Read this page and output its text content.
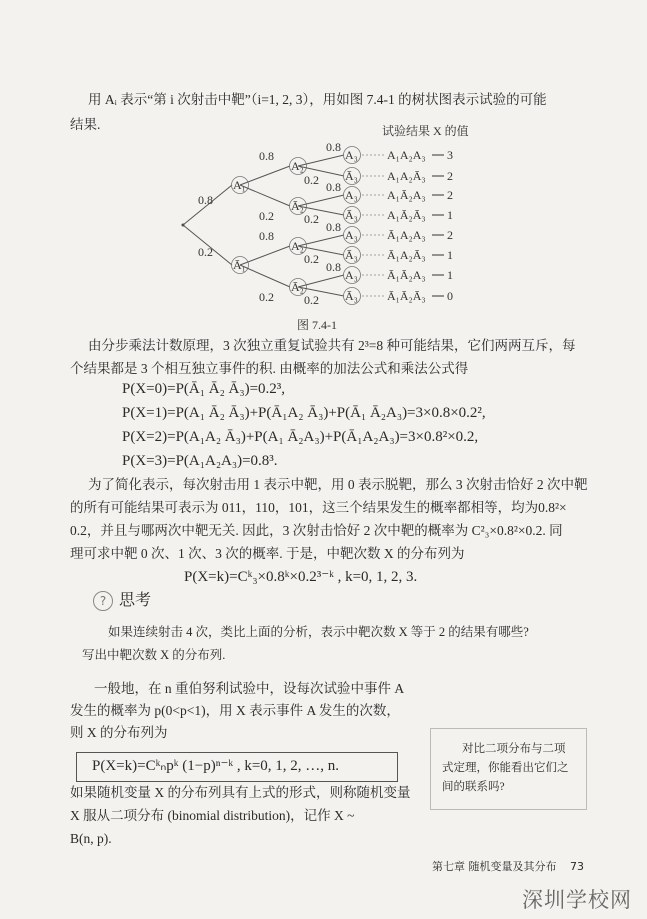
用 Aᵢ 表示“第 i 次射击中靶”（i=1, 2, 3），用如图 7.4-1 的树状图表示试验的可能
结果.	试验结果 X 的值
图 7.4-1
0.8
A₁
0.2
Ā₁
0.8
A₂
0.2
Ā₂
0.8
A₂
0.2
Ā₂
0.8
A₃ A₁A₂A₃ 3
0.2 Ā₃ A₁A₂Ā₃ 2
0.8
A₃ A₁Ā₂A₃ 2
0.2 Ā₃ A₁Ā₂Ā₃ 1
0.8
A₃ Ā₁A₂A₃ 2
0.2 Ā₃ Ā₁A₂Ā₃ 1
0.8
A₃ Ā₁Ā₂A₃ 1
0.2 Ā₃ Ā₁Ā₂Ā₃ 0
由分步乘法计数原理，3 次独立重复试验共有 2³=8 种可能结果，它们两两互斥，每
个结果都是 3 个相互独立事件的积. 由概率的加法公式和乘法公式得
P(X=0)=P(Ā₁ Ā₂ Ā₃)=0.2³,
P(X=1)=P(A₁ Ā₂ Ā₃)+P(Ā₁A₂ Ā₃)+P(Ā₁ Ā₂A₃)=3×0.8×0.2²,
P(X=2)=P(A₁A₂ Ā₃)+P(A₁ Ā₂A₃)+P(Ā₁A₂A₃)=3×0.8²×0.2,
P(X=3)=P(A₁A₂A₃)=0.8³.
为了简化表示，每次射击用 1 表示中靶，用 0 表示脱靶，那么 3 次射击恰好 2 次中靶
的所有可能结果可表示为 011，110，101，这三个结果发生的概率都相等，均为0.8²×
0.2，并且与哪两次中靶无关. 因此，3 次射击恰好 2 次中靶的概率为 C²₃×0.8²×0.2. 同
理可求中靶 0 次、1 次、3 次的概率. 于是，中靶次数 X 的分布列为
P(X=k)=Cᵏ₃×0.8ᵏ×0.2³⁻ᵏ , k=0, 1, 2, 3.
? 思考
如果连续射击 4 次，类比上面的分析，表示中靶次数 X 等于 2 的结果有哪些?
写出中靶次数 X 的分布列.
一般地，在 n 重伯努利试验中，设每次试验中事件 A
发生的概率为 p(0<p<1)，用 X 表示事件 A 发生的次数，
则 X 的分布列为
P(X=k)=Cᵏₙpᵏ (1−p)ⁿ⁻ᵏ , k=0, 1, 2, …, n.
如果随机变量 X 的分布列具有上式的形式，则称随机变量
X 服从二项分布 (binomial distribution)，记作 X ~
B(n, p).
对比二项分布与二项
式定理，你能看出它们之
间的联系吗?
第七章 随机变量及其分布 73
深圳学校网
